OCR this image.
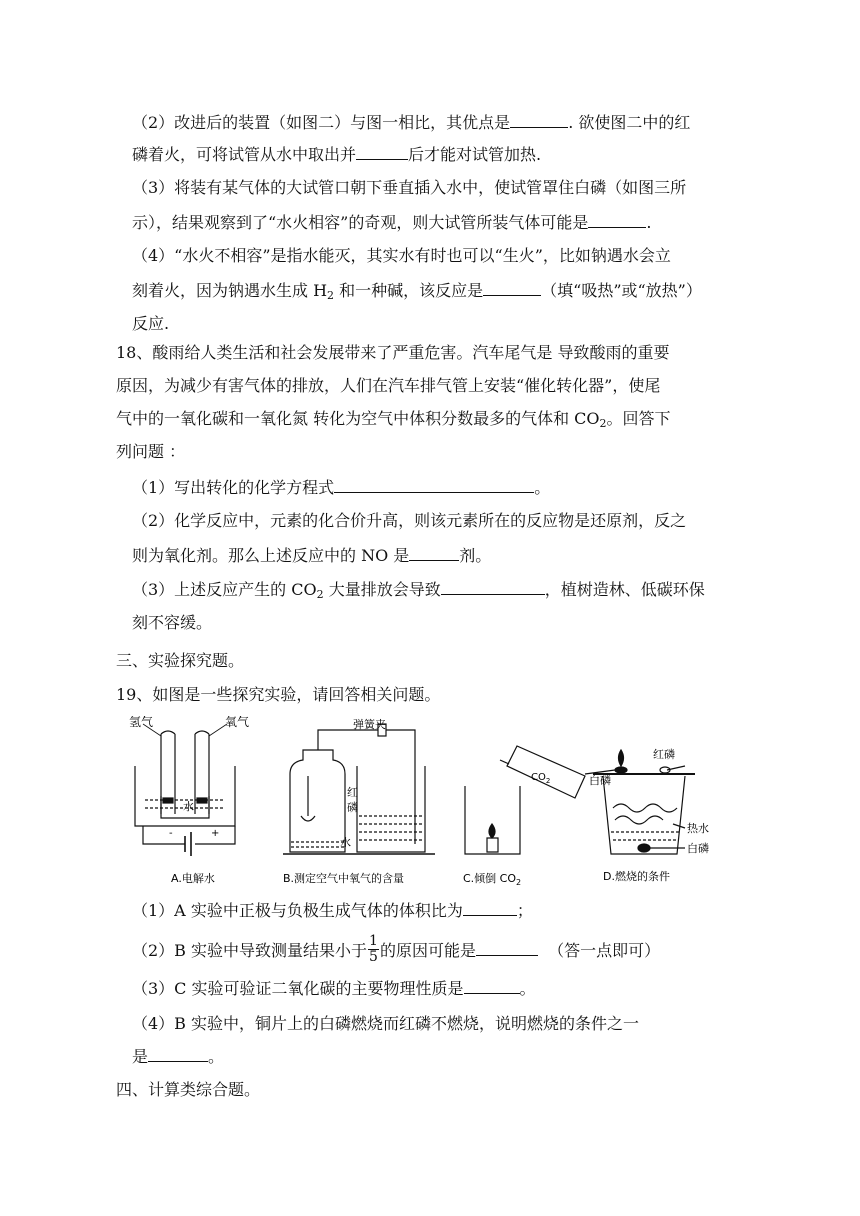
（2）改进后的装置（如图二）与图一相比，其优点是	. 欲使图二中的红
磷着火，可将试管从水中取出并	后才能对试管加热.
（3）将装有某气体的大试管口朝下垂直插入水中，使试管罩住白磷（如图三所
示），结果观察到了“水火相容”的奇观，则大试管所装气体可能是	.
（4）“水火不相容”是指水能灭，其实水有时也可以“生火”，比如钠遇水会立
刻着火，因为钠遇水生成 $H_2$ 和一种碱，该反应是	（填“吸热”或“放热”）
反应.
18、酸雨给人类生活和社会发展带来了严重危害。汽车尾气是 导致酸雨的重要
原因，为减少有害气体的排放，人们在汽车排气管上安装“催化转化器”，使尾
气中的一氧化碳和一氧化氮 转化为空气中体积分数最多的气体和 $CO_2$。回答下
列问题 ：
（1）写出转化的化学方程式	。
（2）化学反应中，元素的化合价升高，则该元素所在的反应物是还原剂，反之
则为氧化剂。那么上述反应中的 NO 是	剂。
（3）上述反应产生的 $CO_2$ 大量排放会导致	，植树造林、低碳环保
刻不容缓。
三、实验探究题。
19、如图是一些探究实验，请回答相关问题。
氢气	氧气
水
-	+
A.电解水
弹簧夹
红
磷
水
B.测定空气中氧气的含量
$CO_2$
C.倾倒 $CO_2$
红磷
白磷
热水
白磷
D.燃烧的条件
（1）A 实验中正极与负极生成气体的体积比为	；
（2）B 实验中导致测量结果小于 $\frac{1}{5}$ 的原因可能是	（答一点即可）
（3）C 实验可验证二氧化碳的主要物理性质是	。
（4）B 实验中，铜片上的白磷燃烧而红磷不燃烧，说明燃烧的条件之一
是	。
四、计算类综合题。
